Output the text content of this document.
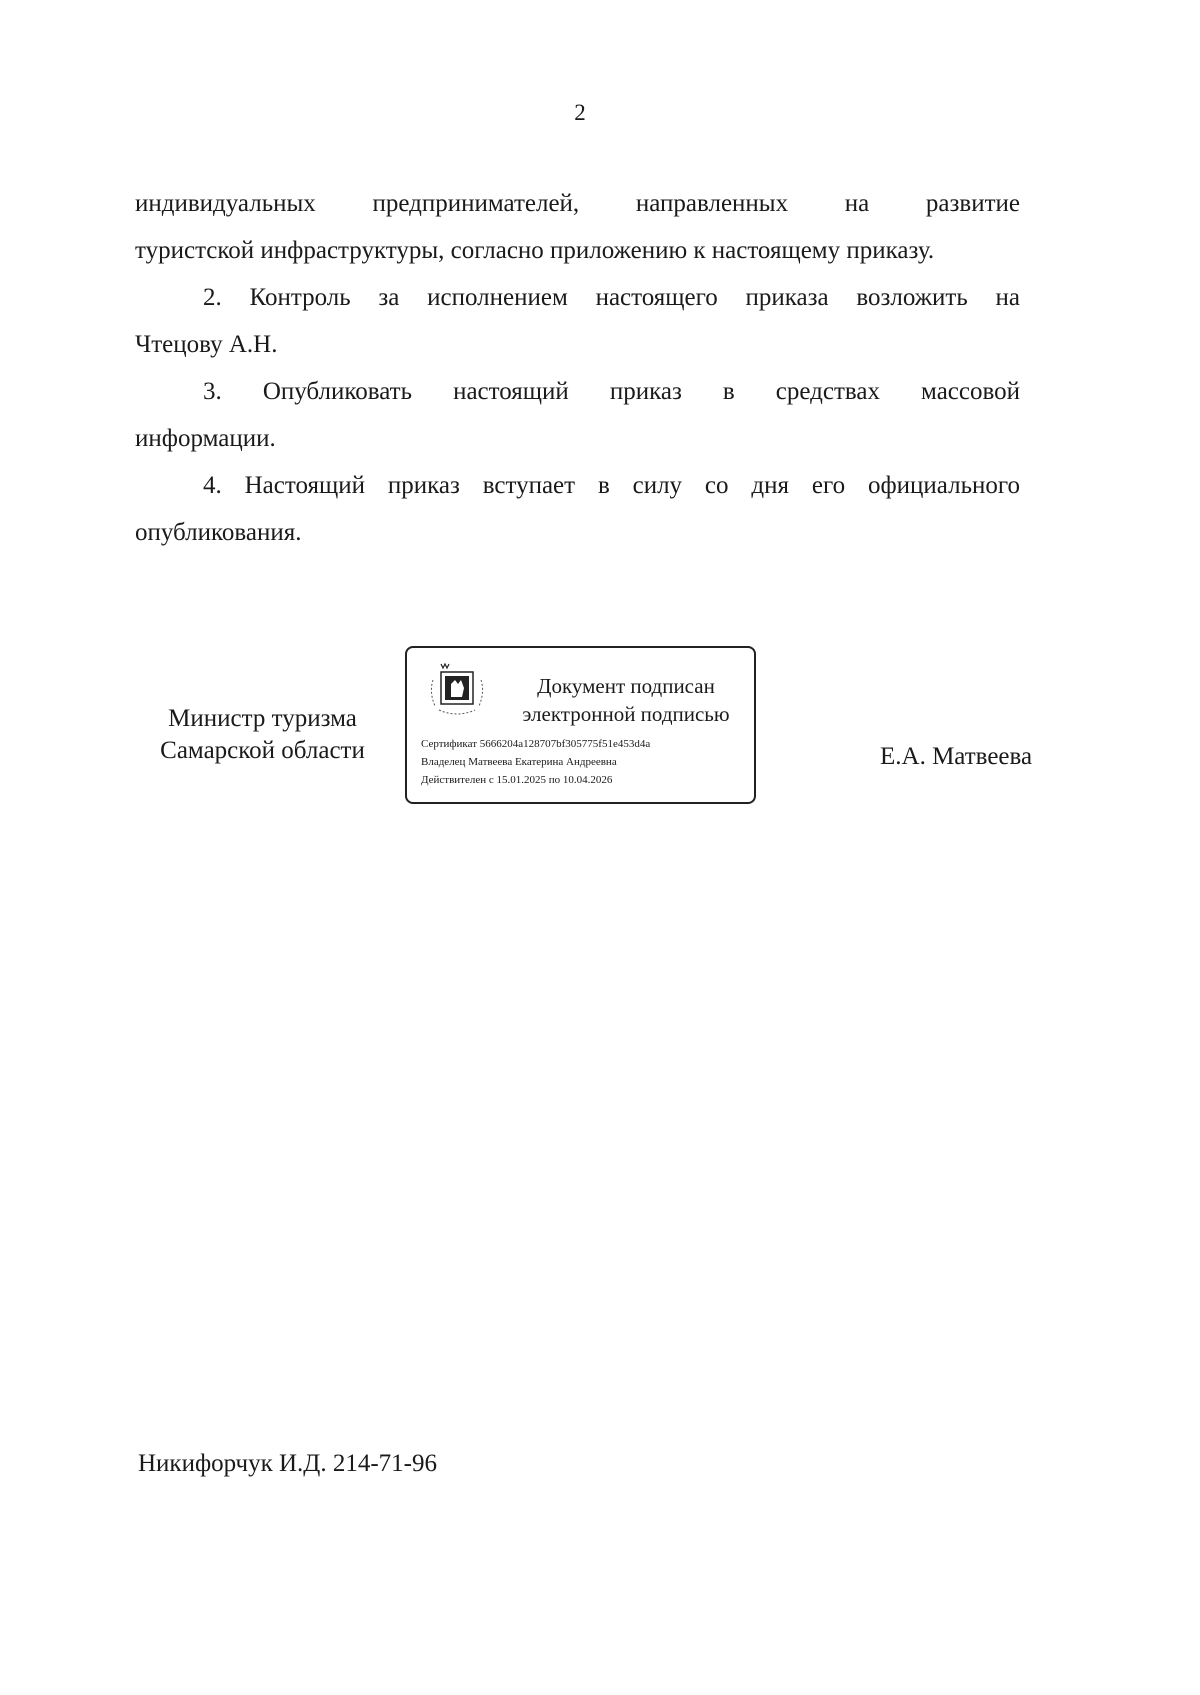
2
индивидуальных предпринимателей, направленных на развитие
туристской инфраструктуры, согласно приложению к настоящему приказу.
2. Контроль за исполнением настоящего приказа возложить на
Чтецову А.Н.
3. Опубликовать настоящий приказ в средствах массовой
информации.
4. Настоящий приказ вступает в силу со дня его официального
опубликования.
Министр туризма
Самарской области
Документ подписан
электронной подписью
Сертификат 5666204a128707bf305775f51e453d4a
Владелец Матвеева Екатерина Андреевна
Действителен с 15.01.2025 по 10.04.2026
Е.А. Матвеева
Никифорчук И.Д. 214-71-96
